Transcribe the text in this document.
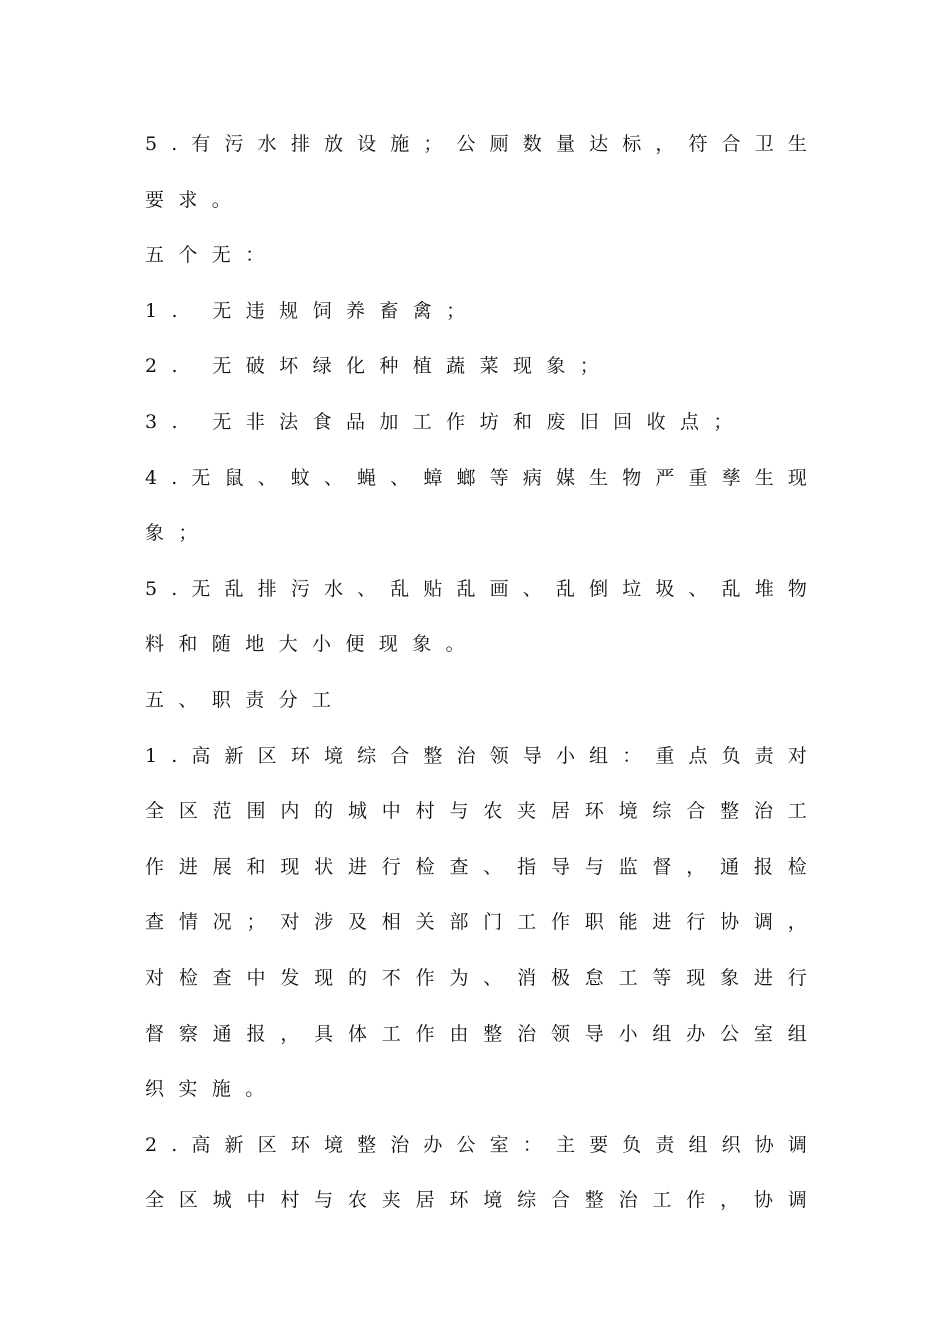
5 . 有 污 水 排 放 设 施 ； 公 厕 数 量 达 标 ， 符 合 卫 生
要求。
五个无：
1. 无违规饲养畜禽；
2. 无破坏绿化种植蔬菜现象；
3. 无非法食品加工作坊和废旧回收点；
4 . 无 鼠 、 蚊 、 蝇 、 蟑 螂 等 病 媒 生 物 严 重 孳 生 现
象；
5 . 无 乱 排 污 水 、 乱 贴 乱 画 、 乱 倒 垃 圾 、 乱 堆 物
料和随地大小便现象。
五、职责分工
1 . 高 新 区 环 境 综 合 整 治 领 导 小 组 ： 重 点 负 责 对
全 区 范 围 内 的 城 中 村 与 农 夹 居 环 境 综 合 整 治 工
作 进 展 和 现 状 进 行 检 查 、 指 导 与 监 督 ， 通 报 检
查 情 况 ； 对 涉 及 相 关 部 门 工 作 职 能 进 行 协 调 ，
对 检 查 中 发 现 的 不 作 为 、 消 极 怠 工 等 现 象 进 行
督 察 通 报 ， 具 体 工 作 由 整 治 领 导 小 组 办 公 室 组
织实施。
2 . 高 新 区 环 境 整 治 办 公 室 ： 主 要 负 责 组 织 协 调
全 区 城 中 村 与 农 夹 居 环 境 综 合 整 治 工 作 ， 协 调
